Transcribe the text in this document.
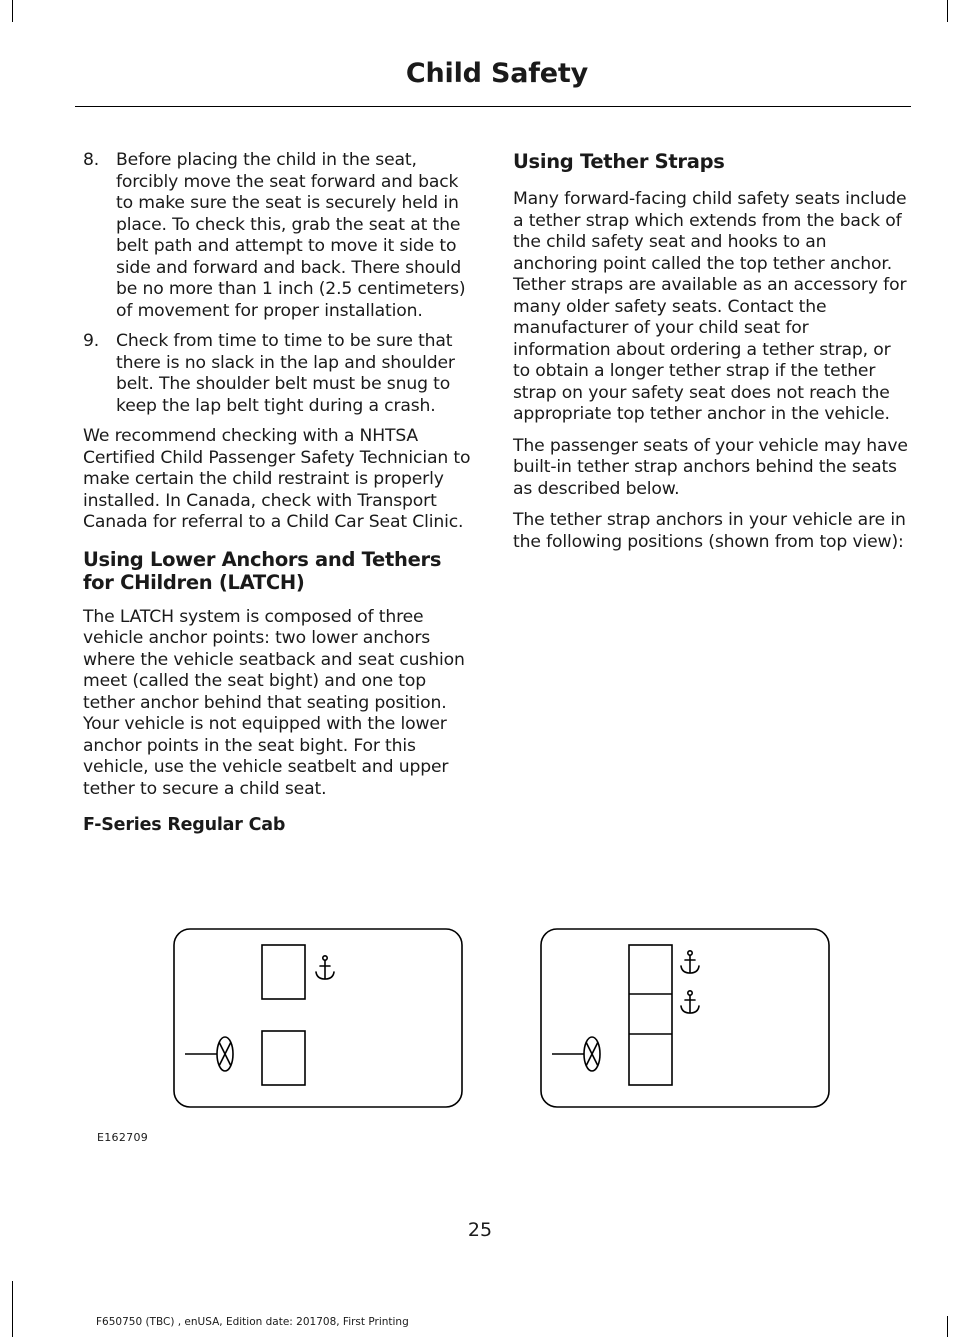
Child Safety
8. Before placing the child in the seat, forcibly move the seat forward and back to make sure the seat is securely held in place. To check this, grab the seat at the belt path and attempt to move it side to side and forward and back. There should be no more than 1 inch (2.5 centimeters) of movement for proper installation.
9. Check from time to time to be sure that there is no slack in the lap and shoulder belt. The shoulder belt must be snug to keep the lap belt tight during a crash.

We recommend checking with a NHTSA Certified Child Passenger Safety Technician to make certain the child restraint is properly installed. In Canada, check with Transport Canada for referral to a Child Car Seat Clinic.

Using Lower Anchors and Tethers for CHildren (LATCH)

The LATCH system is composed of three vehicle anchor points: two lower anchors where the vehicle seatback and seat cushion meet (called the seat bight) and one top tether anchor behind that seating position. Your vehicle is not equipped with the lower anchor points in the seat bight. For this vehicle, use the vehicle seatbelt and upper tether to secure a child seat.

F-Series Regular Cab
Using Tether Straps

Many forward-facing child safety seats include a tether strap which extends from the back of the child safety seat and hooks to an anchoring point called the top tether anchor. Tether straps are available as an accessory for many older safety seats. Contact the manufacturer of your child seat for information about ordering a tether strap, or to obtain a longer tether strap if the tether strap on your safety seat does not reach the appropriate top tether anchor in the vehicle.

The passenger seats of your vehicle may have built-in tether strap anchors behind the seats as described below.

The tether strap anchors in your vehicle are in the following positions (shown from top view):

E162709
25
F650750 (TBC) , enUSA, Edition date: 201708, First Printing
